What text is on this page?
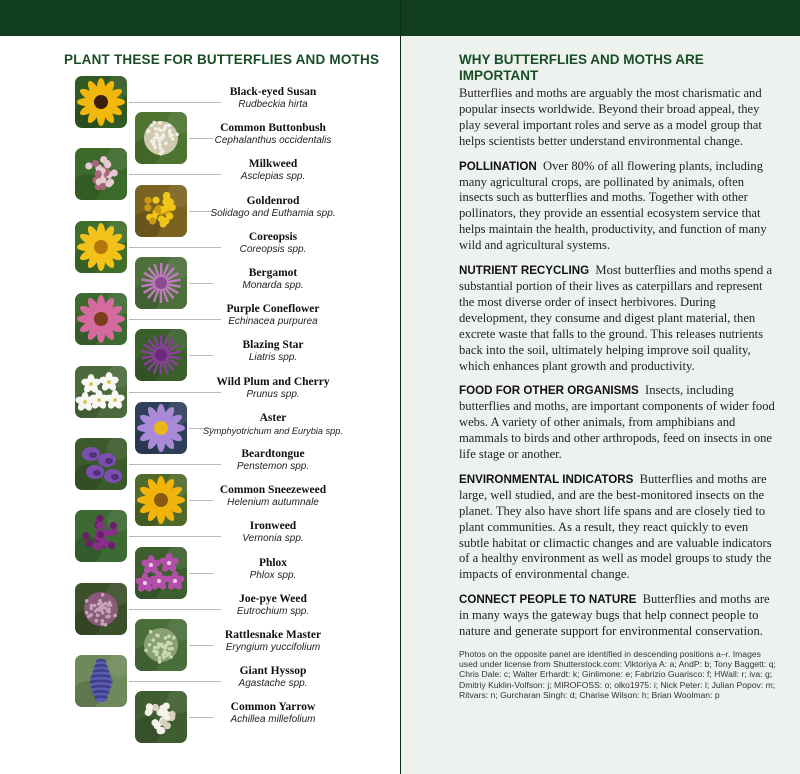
PLANT THESE FOR BUTTERFLIES AND MOTHS
Black-eyed Susan
Rudbeckia hirta
Common Buttonbush
Cephalanthus occidentalis
Milkweed
Asclepias spp.
Goldenrod
Solidago and Euthamia spp.
Coreopsis
Coreopsis spp.
Bergamot
Monarda spp.
Purple Coneflower
Echinacea purpurea
Blazing Star
Liatris spp.
Wild Plum and Cherry
Prunus spp.
Aster
Symphyotrichum and Eurybia spp.
Beardtongue
Penstemon spp.
Common Sneezeweed
Helenium autumnale
Ironweed
Vernonia spp.
Phlox
Phlox spp.
Joe-pye Weed
Eutrochium spp.
Rattlesnake Master
Eryngium yuccifolium
Giant Hyssop
Agastache spp.
Common Yarrow
Achillea millefolium
WHY BUTTERFLIES AND MOTHS ARE IMPORTANT

Butterflies and moths are arguably the most charismatic and popular insects worldwide. Beyond their broad appeal, they play several important roles and serve as a model group that helps scientists better understand environmental change.

POLLINATION Over 80% of all flowering plants, including many agricultural crops, are pollinated by animals, often insects such as butterflies and moths. Together with other pollinators, they provide an essential ecosystem service that helps maintain the health, productivity, and function of many wild and agricultural systems.

NUTRIENT RECYCLING Most butterflies and moths spend a substantial portion of their lives as caterpillars and represent the most diverse order of insect herbivores. During development, they consume and digest plant material, then excrete waste that falls to the ground. This releases nutrients back into the soil, ultimately helping improve soil quality, which enhances plant growth and productivity.

FOOD FOR OTHER ORGANISMS Insects, including butterflies and moths, are important components of wider food webs. A variety of other animals, from amphibians and mammals to birds and other arthropods, feed on insects in one life stage or another.

ENVIRONMENTAL INDICATORS Butterflies and moths are large, well studied, and are the best-monitored insects on the planet. They also have short life spans and are closely tied to plant communities. As a result, they react quickly to even subtle habitat or climactic changes and are valuable indicators of a healthy environment as well as model groups to study the impacts of environmental change.

CONNECT PEOPLE TO NATURE Butterflies and moths are in many ways the gateway bugs that help connect people to nature and generate support for environmental conservation.

Photos on the opposite panel are identified in descending positions a–r. Images used under license from Shutterstock.com: Viktoriya A: a; AndP: b; Tony Baggett: q; Chris Dale: c; Walter Erhardt: k; Ginlimone: e; Fabrizio Guarisco: f; HWall: r; iva: g; Dmitriy Kuklin-Volfson: j; MIROFOSS: o; olko1975: i; Nick Peter: l; Julian Popov: m; Ritvars: n; Gurcharan Singh: d; Charise Wilson: h; Brian Woolman: p
